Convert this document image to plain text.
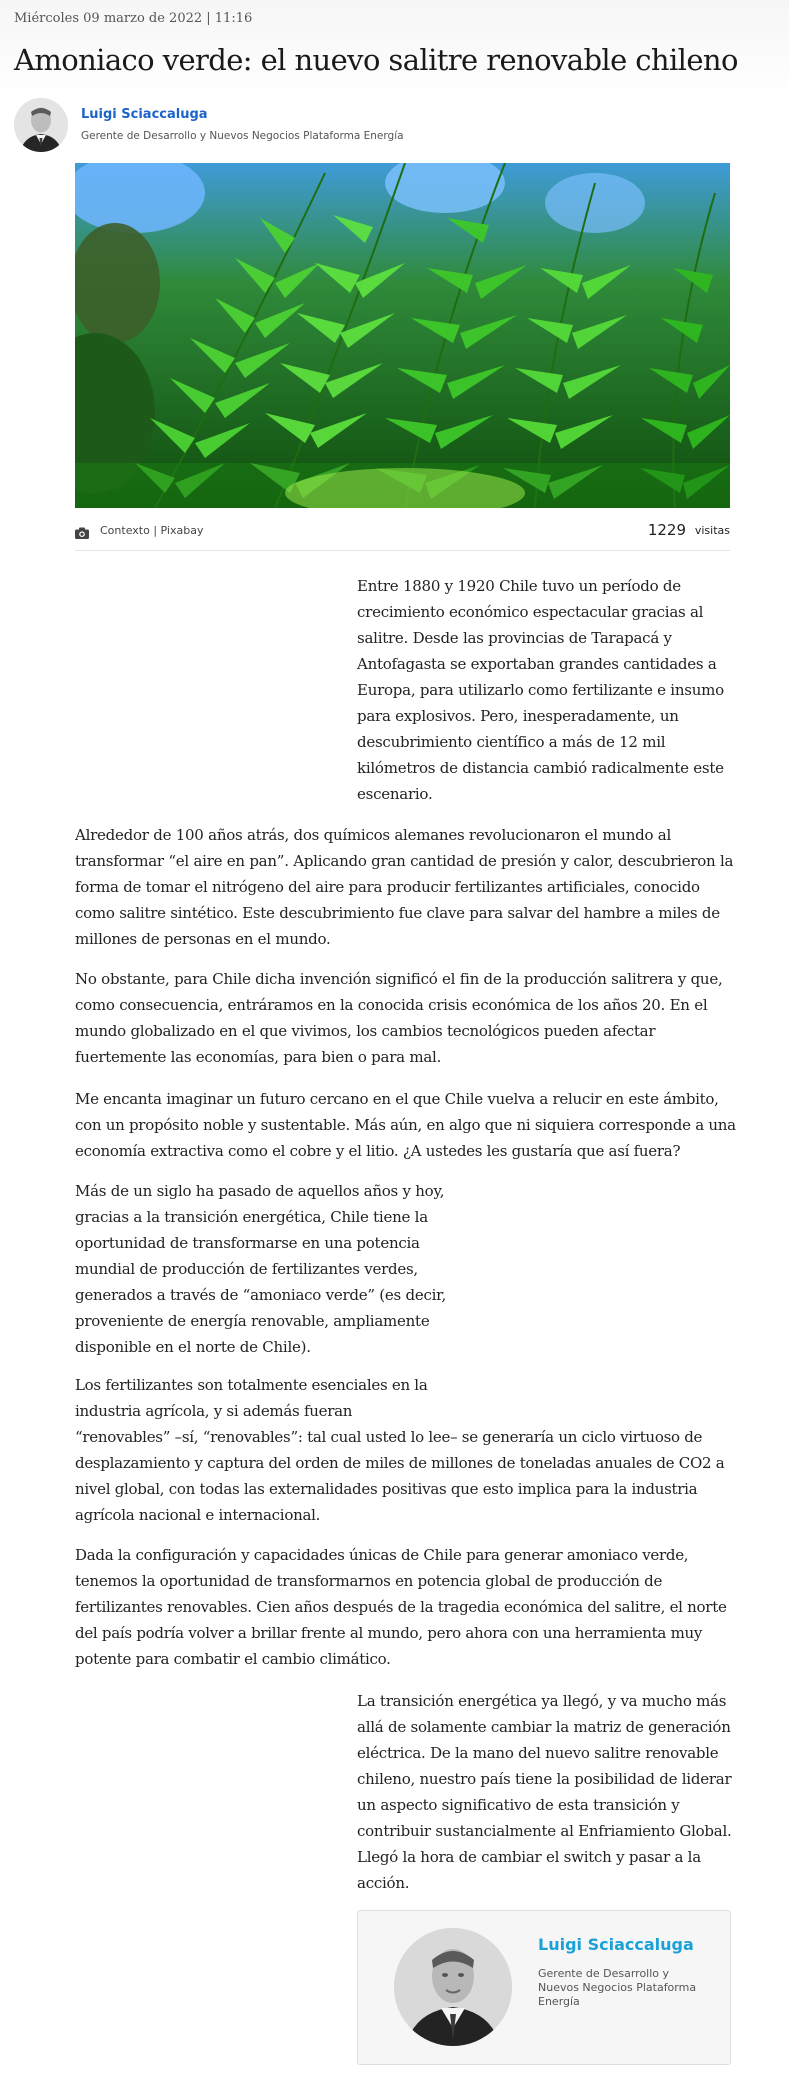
Miércoles 09 marzo de 2022 | 11:16
Amoniaco verde: el nuevo salitre renovable chileno
Luigi Sciaccaluga
Gerente de Desarrollo y Nuevos Negocios Plataforma Energía
Contexto | Pixabay	1229 visitas

Entre 1880 y 1920 Chile tuvo un período de crecimiento económico espectacular gracias al salitre. Desde las provincias de Tarapacá y Antofagasta se exportaban grandes cantidades a Europa, para utilizarlo como fertilizante e insumo para explosivos. Pero, inesperadamente, un descubrimiento científico a más de 12 mil kilómetros de distancia cambió radicalmente este escenario.

Alrededor de 100 años atrás, dos químicos alemanes revolucionaron el mundo al transformar “el aire en pan”. Aplicando gran cantidad de presión y calor, descubrieron la forma de tomar el nitrógeno del aire para producir fertilizantes artificiales, conocido como salitre sintético. Este descubrimiento fue clave para salvar del hambre a miles de millones de personas en el mundo.

No obstante, para Chile dicha invención significó el fin de la producción salitrera y que, como consecuencia, entráramos en la conocida crisis económica de los años 20. En el mundo globalizado en el que vivimos, los cambios tecnológicos pueden afectar fuertemente las economías, para bien o para mal.

Me encanta imaginar un futuro cercano en el que Chile vuelva a relucir en este ámbito, con un propósito noble y sustentable. Más aún, en algo que ni siquiera corresponde a una economía extractiva como el cobre y el litio. ¿A ustedes les gustaría que así fuera?

Más de un siglo ha pasado de aquellos años y hoy, gracias a la transición energética, Chile tiene la oportunidad de transformarse en una potencia mundial de producción de fertilizantes verdes, generados a través de “amoniaco verde” (es decir, proveniente de energía renovable, ampliamente disponible en el norte de Chile).

Los fertilizantes son totalmente esenciales en la industria agrícola, y si además fueran
“renovables” –sí, “renovables”: tal cual usted lo lee– se generaría un ciclo virtuoso de desplazamiento y captura del orden de miles de millones de toneladas anuales de CO2 a nivel global, con todas las externalidades positivas que esto implica para la industria agrícola nacional e internacional.

Dada la configuración y capacidades únicas de Chile para generar amoniaco verde, tenemos la oportunidad de transformarnos en potencia global de producción de fertilizantes renovables. Cien años después de la tragedia económica del salitre, el norte del país podría volver a brillar frente al mundo, pero ahora con una herramienta muy potente para combatir el cambio climático.

La transición energética ya llegó, y va mucho más allá de solamente cambiar la matriz de generación eléctrica. De la mano del nuevo salitre renovable chileno, nuestro país tiene la posibilidad de liderar un aspecto significativo de esta transición y contribuir sustancialmente al Enfriamiento Global. Llegó la hora de cambiar el switch y pasar a la acción.

Luigi Sciaccaluga
Gerente de Desarrollo y Nuevos Negocios Plataforma Energía
